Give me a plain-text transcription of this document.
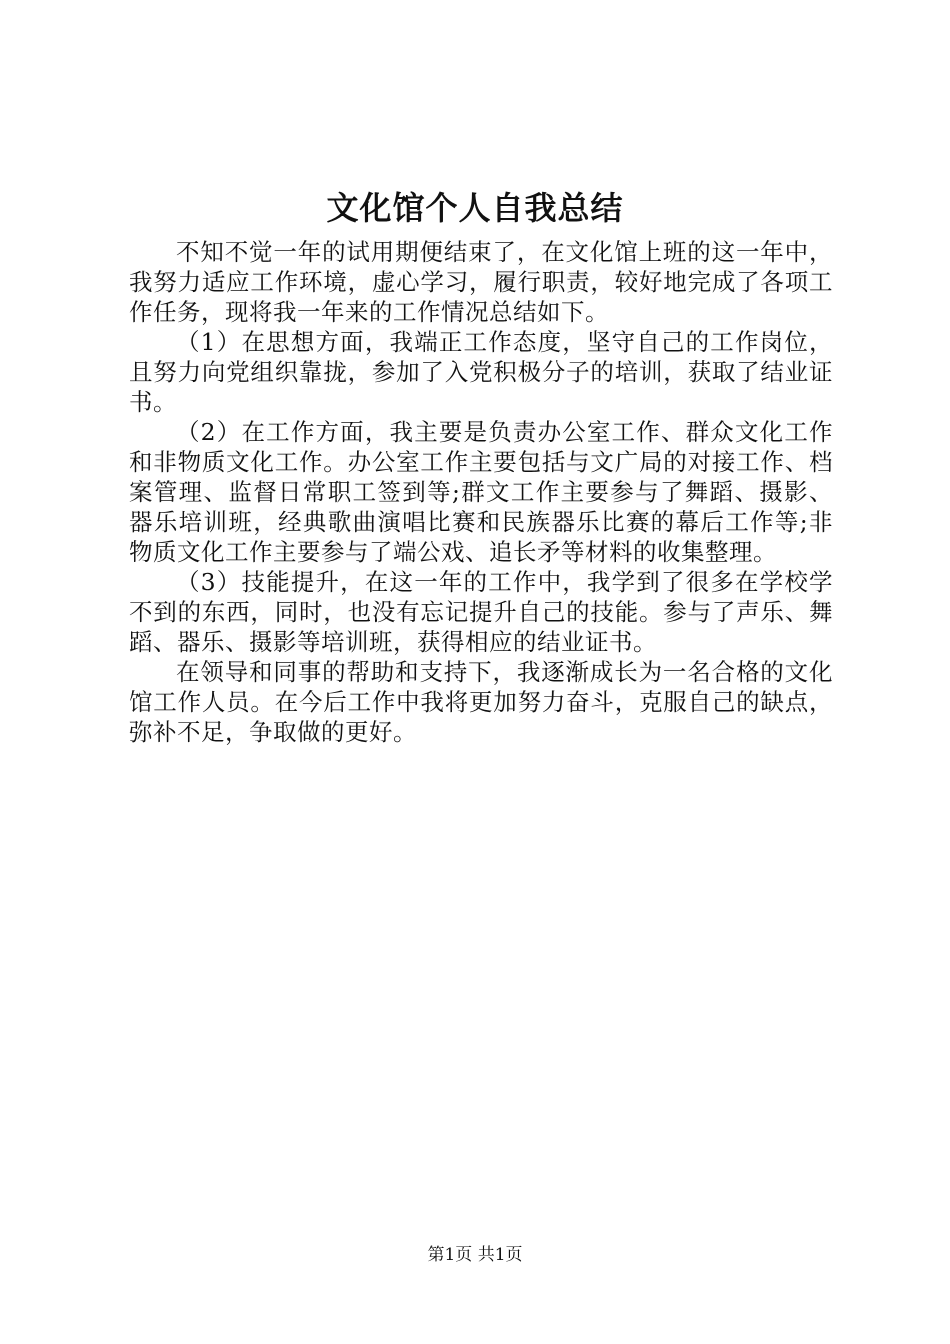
文化馆个人自我总结

不知不觉一年的试用期便结束了，在文化馆上班的这一年中，我努力适应工作环境，虚心学习，履行职责，较好地完成了各项工作任务，现将我一年来的工作情况总结如下。

（1）在思想方面，我端正工作态度，坚守自己的工作岗位，且努力向党组织靠拢，参加了入党积极分子的培训，获取了结业证书。

（2）在工作方面，我主要是负责办公室工作、群众文化工作和非物质文化工作。办公室工作主要包括与文广局的对接工作、档案管理、监督日常职工签到等;群文工作主要参与了舞蹈、摄影、器乐培训班，经典歌曲演唱比赛和民族器乐比赛的幕后工作等;非物质文化工作主要参与了端公戏、追长矛等材料的收集整理。

（3）技能提升，在这一年的工作中，我学到了很多在学校学不到的东西，同时，也没有忘记提升自己的技能。参与了声乐、舞蹈、器乐、摄影等培训班，获得相应的结业证书。

在领导和同事的帮助和支持下，我逐渐成长为一名合格的文化馆工作人员。在今后工作中我将更加努力奋斗，克服自己的缺点，弥补不足，争取做的更好。

第1页 共1页
